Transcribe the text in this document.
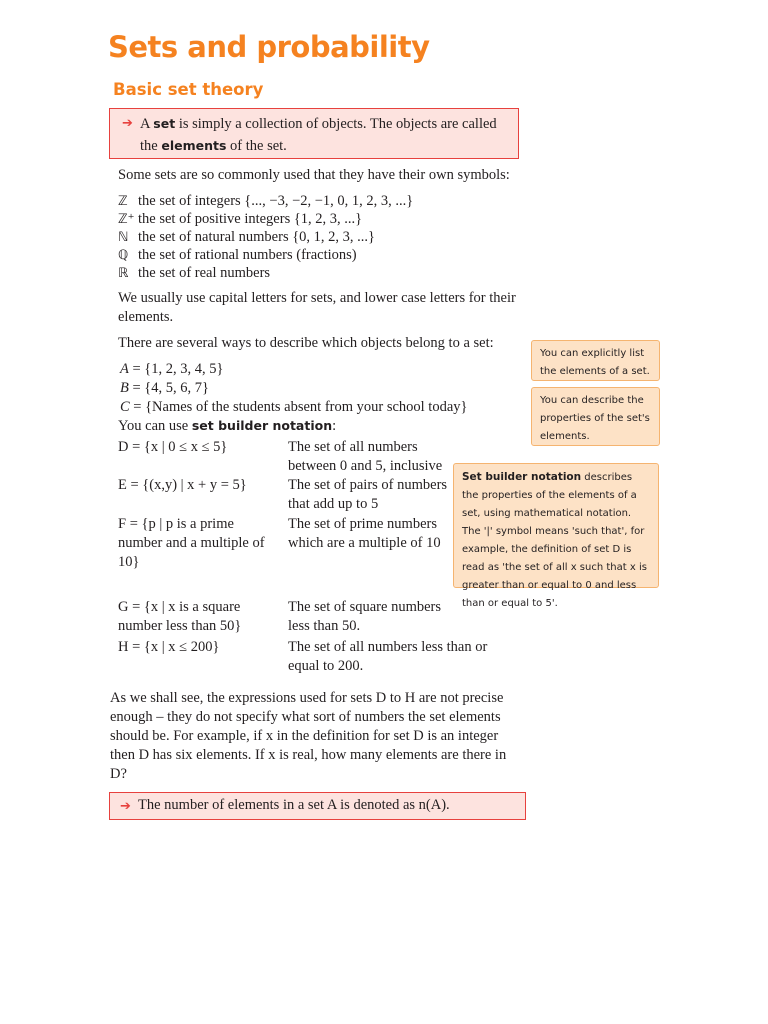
Sets and probability
Basic set theory
➔ A set is simply a collection of objects. The objects are called
the elements of the set.

Some sets are so commonly used that they have their own symbols:

ℤ the set of integers {..., −3, −2, −1, 0, 1, 2, 3, ...}
ℤ⁺ the set of positive integers {1, 2, 3, ...}
ℕ the set of natural numbers {0, 1, 2, 3, ...}
ℚ the set of rational numbers (fractions)
ℝ the set of real numbers

We usually use capital letters for sets, and lower case letters for their elements.

There are several ways to describe which objects belong to a set:

A = {1, 2, 3, 4, 5}
B = {4, 5, 6, 7}
C = {Names of the students absent from your school today}
You can use set builder notation:
D = {x | 0 ≤ x ≤ 5}	The set of all numbers between 0 and 5, inclusive
E = {(x,y) | x + y = 5}	The set of pairs of numbers that add up to 5
F = {p | p is a prime number and a multiple of 10}
The set of prime numbers which are a multiple of 10
G = {x | x is a square number less than 50}
The set of square numbers less than 50.
H = {x | x ≤ 200}	The set of all numbers less than or equal to 200.

As we shall see, the expressions used for sets D to H are not precise enough – they do not specify what sort of numbers the set elements should be. For example, if x in the definition for set D is an integer then D has six elements. If x is real, how many elements are there in D?

➔ The number of elements in a set A is denoted as n(A).
You can explicitly list the elements of a set.
You can describe the properties of the set's elements.
Set builder notation describes the properties of the elements of a set, using mathematical notation. The '|' symbol means 'such that', for example, the definition of set D is read as 'the set of all x such that x is greater than or equal to 0 and less than or equal to 5'.
